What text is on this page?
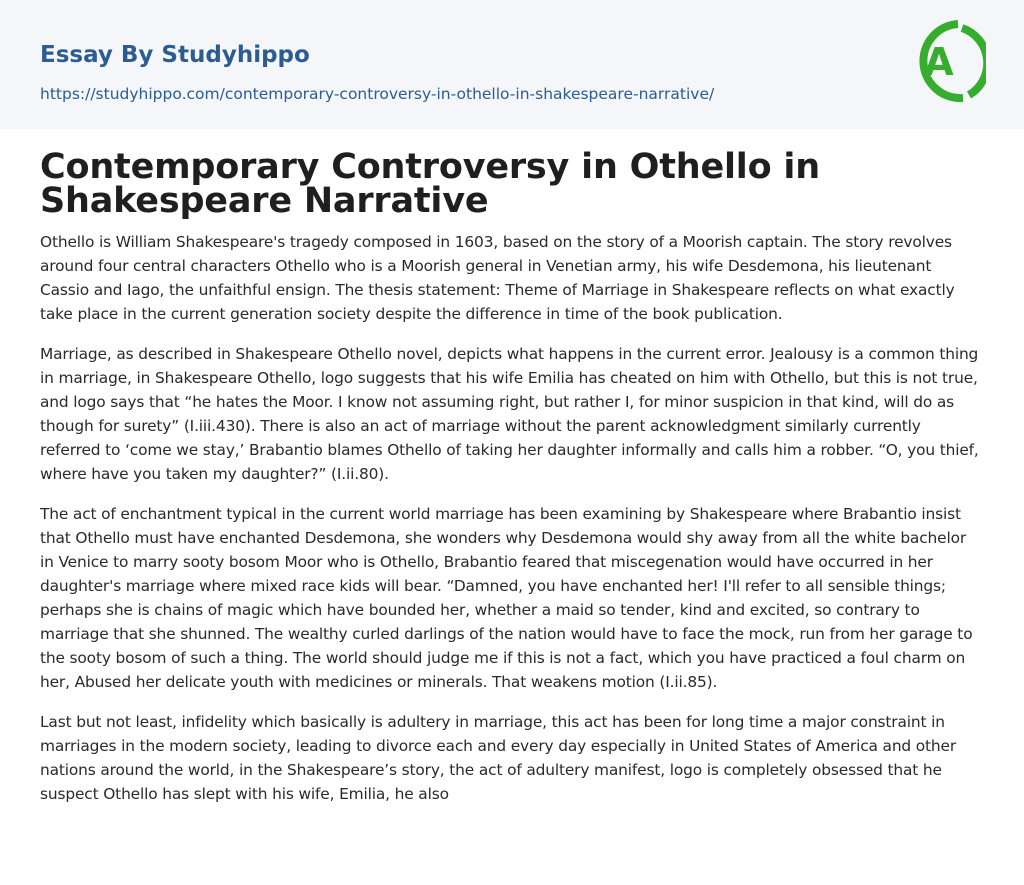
Essay By Studyhippo
https://studyhippo.com/contemporary-controversy-in-othello-in-shakespeare-narrative/
A
Contemporary Controversy in Othello in Shakespeare Narrative

Othello is William Shakespeare's tragedy composed in 1603, based on the story of a Moorish captain. The story revolves around four central characters Othello who is a Moorish general in Venetian army, his wife Desdemona, his lieutenant Cassio and Iago, the unfaithful ensign. The thesis statement: Theme of Marriage in Shakespeare reflects on what exactly take place in the current generation society despite the difference in time of the book publication.

Marriage, as described in Shakespeare Othello novel, depicts what happens in the current error. Jealousy is a common thing in marriage, in Shakespeare Othello, logo suggests that his wife Emilia has cheated on him with Othello, but this is not true, and logo says that “he hates the Moor. I know not assuming right, but rather I, for minor suspicion in that kind, will do as though for surety” (I.iii.430). There is also an act of marriage without the parent acknowledgment similarly currently referred to ‘come we stay,’ Brabantio blames Othello of taking her daughter informally and calls him a robber. “O, you thief, where have you taken my daughter?” (I.ii.80).

The act of enchantment typical in the current world marriage has been examining by Shakespeare where Brabantio insist that Othello must have enchanted Desdemona, she wonders why Desdemona would shy away from all the white bachelor in Venice to marry sooty bosom Moor who is Othello, Brabantio feared that miscegenation would have occurred in her daughter's marriage where mixed race kids will bear. “Damned, you have enchanted her! I'll refer to all sensible things; perhaps she is chains of magic which have bounded her, whether a maid so tender, kind and excited, so contrary to marriage that she shunned. The wealthy curled darlings of the nation would have to face the mock, run from her garage to the sooty bosom of such a thing. The world should judge me if this is not a fact, which you have practiced a foul charm on her, Abused her delicate youth with medicines or minerals. That weakens motion (I.ii.85).

Last but not least, infidelity which basically is adultery in marriage, this act has been for long time a major constraint in marriages in the modern society, leading to divorce each and every day especially in United States of America and other nations around the world, in the Shakespeare’s story, the act of adultery manifest, logo is completely obsessed that he suspect Othello has slept with his wife, Emilia, he also
